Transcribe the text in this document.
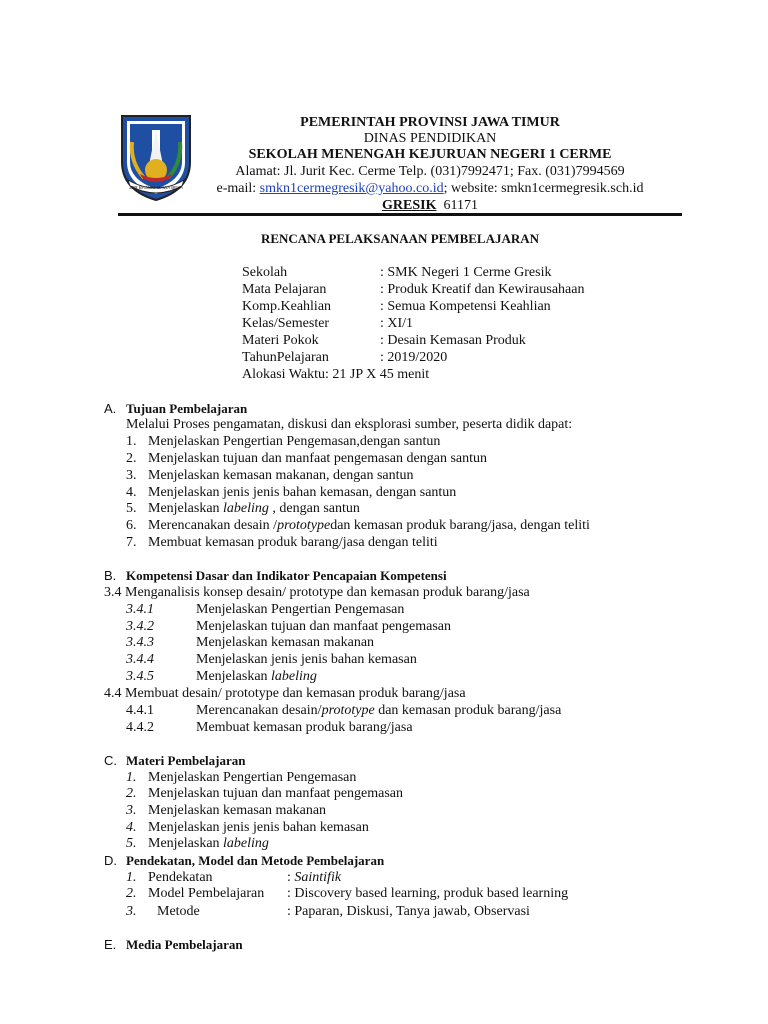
JER BASUKI MAWA BEYA
PEMERINTAH PROVINSI JAWA TIMUR
DINAS PENDIDIKAN
SEKOLAH MENENGAH KEJURUAN NEGERI 1 CERME
Alamat: Jl. Jurit Kec. Cerme Telp. (031)7992471; Fax. (031)7994569
e-mail: smkn1cermegresik@yahoo.co.id; website: smkn1cermegresik.sch.id
GRESIK 61171
RENCANA PELAKSANAAN PEMBELAJARAN
Sekolah	: SMK Negeri 1 Cerme Gresik
Mata Pelajaran	: Produk Kreatif dan Kewirausahaan
Komp.Keahlian	: Semua Kompetensi Keahlian
Kelas/Semester	: XI/1
Materi Pokok	: Desain Kemasan Produk
TahunPelajaran	: 2019/2020
Alokasi Waktu: 21 JP X 45 menit
A. Tujuan Pembelajaran
Melalui Proses pengamatan, diskusi dan eksplorasi sumber, peserta didik dapat:
1. Menjelaskan Pengertian Pengemasan,dengan santun
2. Menjelaskan tujuan dan manfaat pengemasan dengan santun
3. Menjelaskan kemasan makanan, dengan santun
4. Menjelaskan jenis jenis bahan kemasan, dengan santun
5. Menjelaskan labeling , dengan santun
6. Merencanakan desain /prototypedan kemasan produk barang/jasa, dengan teliti
7. Membuat kemasan produk barang/jasa dengan teliti
B. Kompetensi Dasar dan Indikator Pencapaian Kompetensi
3.4 Menganalisis konsep desain/ prototype dan kemasan produk barang/jasa
3.4.1	Menjelaskan Pengertian Pengemasan
3.4.2	Menjelaskan tujuan dan manfaat pengemasan
3.4.3	Menjelaskan kemasan makanan
3.4.4	Menjelaskan jenis jenis bahan kemasan
3.4.5	Menjelaskan labeling
4.4 Membuat desain/ prototype dan kemasan produk barang/jasa
4.4.1	Merencanakan desain/prototype dan kemasan produk barang/jasa
4.4.2	Membuat kemasan produk barang/jasa
C. Materi Pembelajaran
1. Menjelaskan Pengertian Pengemasan
2. Menjelaskan tujuan dan manfaat pengemasan
3. Menjelaskan kemasan makanan
4. Menjelaskan jenis jenis bahan kemasan
5. Menjelaskan labeling
D. Pendekatan, Model dan Metode Pembelajaran
1. Pendekatan	: Saintifik
2. Model Pembelajaran : Discovery based learning, produk based learning
3. Metode	: Paparan, Diskusi, Tanya jawab, Observasi
E. Media Pembelajaran
